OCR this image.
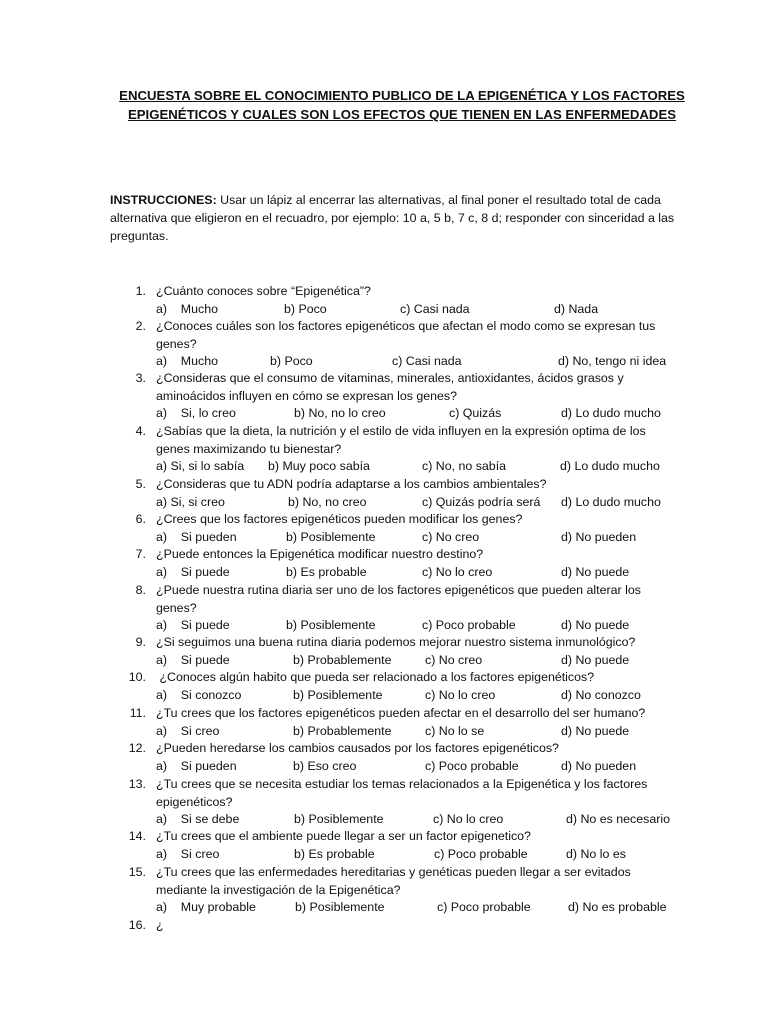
ENCUESTA SOBRE EL CONOCIMIENTO PUBLICO DE LA EPIGENÉTICA Y LOS FACTORES
EPIGENÉTICOS Y CUALES SON LOS EFECTOS QUE TIENEN EN LAS ENFERMEDADES
INSTRUCCIONES: Usar un lápiz al encerrar las alternativas, al final poner el resultado total de cada alternativa que eligieron en el recuadro, por ejemplo: 10 a, 5 b, 7 c, 8 d; responder con sinceridad a las preguntas.
1. ¿Cuánto conoces sobre “Epigenética”?
a)    Mucho	b) Poco	c) Casi nada	d) Nada
2. ¿Conoces cuáles son los factores epigenéticos que afectan el modo como se expresan tus genes?
a)    Mucho	b) Poco	c) Casi nada	d) No, tengo ni idea
3. ¿Consideras que el consumo de vitaminas, minerales, antioxidantes, ácidos grasos y aminoácidos influyen en cómo se expresan los genes?
a)    Si, lo creo	b) No, no lo creo	c) Quizás	d) Lo dudo mucho
4. ¿Sabías que la dieta, la nutrición y el estilo de vida influyen en la expresión optima de los genes maximizando tu bienestar?
a) Si, si lo sabía b) Muy poco sabía	c) No, no sabía	d) Lo dudo mucho
5. ¿Consideras que tu ADN podría adaptarse a los cambios ambientales?
a) Si, si creo	b) No, no creo	c) Quizás podría será d) Lo dudo mucho
6. ¿Crees que los factores epigenéticos pueden modificar los genes?
a)    Si pueden	b) Posiblemente	c) No creo	d) No pueden
7. ¿Puede entonces la Epigenética modificar nuestro destino?
a)    Si puede	b) Es probable	c) No lo creo	d) No puede
8. ¿Puede nuestra rutina diaria ser uno de los factores epigenéticos que pueden alterar los genes?
a)    Si puede	b) Posiblemente	c) Poco probable	d) No puede
9. ¿Si seguimos una buena rutina diaria podemos mejorar nuestro sistema inmunológico?
a)    Si puede	b) Probablemente	c) No creo	d) No puede
10. ¿Conoces algún habito que pueda ser relacionado a los factores epigenéticos?
a)    Si conozco	b) Posiblemente	c) No lo creo	d) No conozco
11. ¿Tu crees que los factores epigenéticos pueden afectar en el desarrollo del ser humano?
a)    Si creo	b) Probablemente	c) No lo se	d) No puede
12. ¿Pueden heredarse los cambios causados por los factores epigenéticos?
a)    Si pueden	b) Eso creo	c) Poco probable	d) No pueden
13. ¿Tu crees que se necesita estudiar los temas relacionados a la Epigenética y los factores epigenéticos?
a)    Si se debe	b) Posiblemente	c) No lo creo	d) No es necesario
14. ¿Tu crees que el ambiente puede llegar a ser un factor epigenetico?
a)    Si creo	b) Es probable	c) Poco probable	d) No lo es
15. ¿Tu crees que las enfermedades hereditarias y genéticas pueden llegar a ser evitados mediante la investigación de la Epigenética?
a)    Muy probable	b) Posiblemente	c) Poco probable	d) No es probable
16. ¿
